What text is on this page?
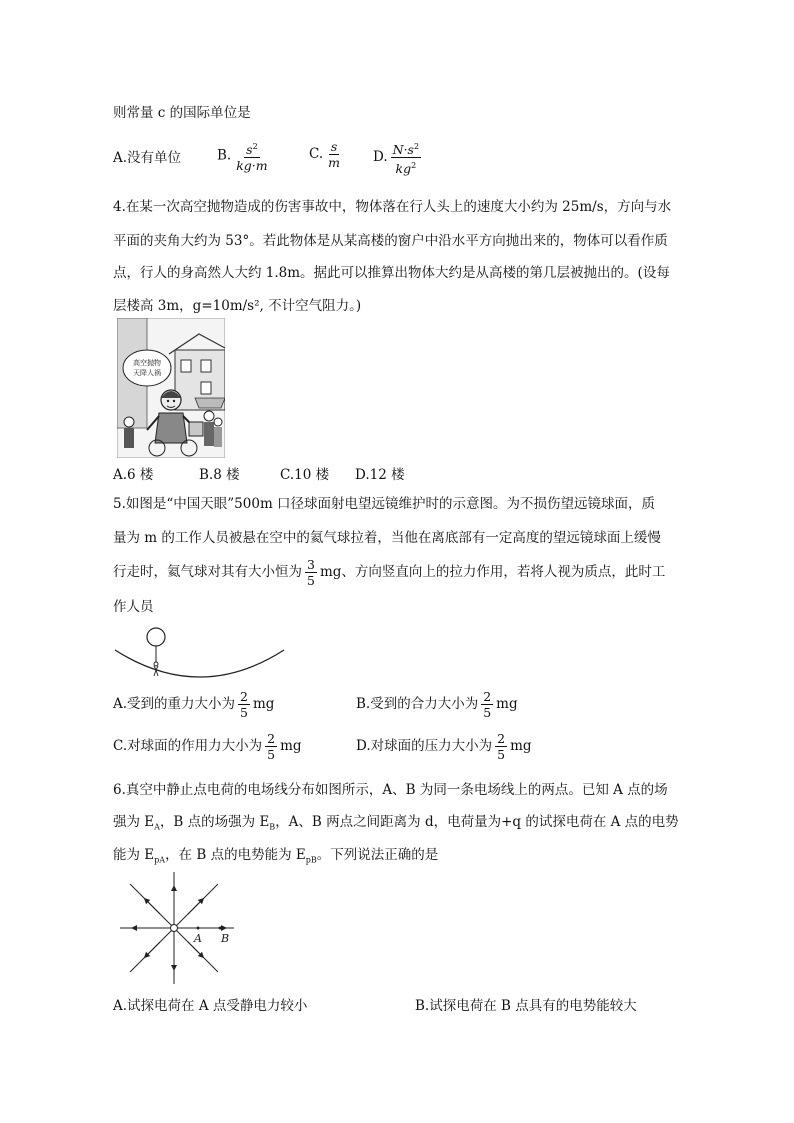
则常量 c 的国际单位是
A.没有单位	B. $\frac{s^2}{kg\cdot m}$	C. $\frac{s}{m} D$. $\frac{N\cdot s^2}{kg^2}$
4.在某一次高空抛物造成的伤害事故中，物体落在行人头上的速度大小约为 25m/s，方向与水
平面的夹角大约为 53°。若此物体是从某高楼的窗户中沿水平方向抛出来的，物体可以看作质
点，行人的身高然人大约 1.8m。据此可以推算出物体大约是从高楼的第几层被抛出的。(设每
层楼高 3m，g=10m/s², 不计空气阻力。)
高空抛物
天降人祸
A.6 楼	B.8 楼	C.10 楼 D.12 楼
5.如图是“中国天眼”500m 口径球面射电望远镜维护时的示意图。为不损伤望远镜球面，质
量为 m 的工作人员被悬在空中的氦气球拉着，当他在离底部有一定高度的望远镜球面上缓慢
行走时，氦气球对其有大小恒为 $\frac{3}{5}$ mg、方向竖直向上的拉力作用，若将人视为质点，此时工
作人员
A.受到的重力大小为 $\frac{2}{5}$ mg	B.受到的合力大小为 $\frac{2}{5}$ mg
C.对球面的作用力大小为 $\frac{2}{5}$ mg	D.对球面的压力大小为 $\frac{2}{5}$ mg
6.真空中静止点电荷的电场线分布如图所示，A、B 为同一条电场线上的两点。已知 A 点的场
强为 $E_A$，B 点的场强为 $E_B$，A、B 两点之间距离为 d，电荷量为+q 的试探电荷在 A 点的电势
能为 $E_{pA}$，在 B 点的电势能为 $E_{pB}$。下列说法正确的是
A B
A.试探电荷在 A 点受静电力较小	B.试探电荷在 B 点具有的电势能较大
